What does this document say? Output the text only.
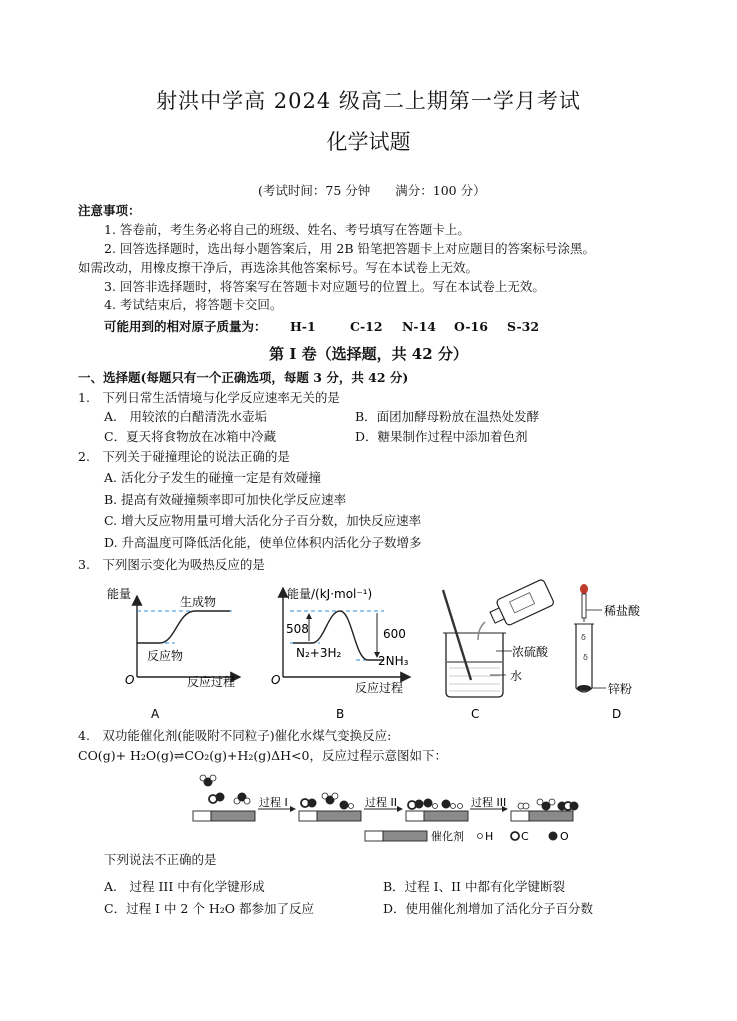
射洪中学高 2024 级高二上期第一学月考试
化学试题
(考试时间：75 分钟　　满分：100 分）
注意事项：
1. 答卷前，考生务必将自己的班级、姓名、考号填写在答题卡上。
2. 回答选择题时，选出每小题答案后，用 2B 铅笔把答题卡上对应题目的答案标号涂黑。
如需改动，用橡皮擦干净后，再选涂其他答案标号。写在本试卷上无效。
3. 回答非选择题时，将答案写在答题卡对应题号的位置上。写在本试卷上无效。
4. 考试结束后，将答题卡交回。
可能用到的相对原子质量为： H-1	C-12 N-14 O-16 S-32
第 I 卷（选择题，共 42 分）
一、选择题(每题只有一个正确选项，每题 3 分，共 42 分)
1.　下列日常生活情境与化学反应速率无关的是
A.　用较浓的白醋清洗水壶垢	B．面团加酵母粉放在温热处发酵
C．夏天将食物放在冰箱中冷藏	D．糖果制作过程中添加着色剂
2.　下列关于碰撞理论的说法正确的是
A. 活化分子发生的碰撞一定是有效碰撞
B. 提高有效碰撞频率即可加快化学反应速率
C. 增大反应物用量可增大活化分子百分数，加快反应速率
D. 升高温度可降低活化能，使单位体积内活化分子数增多
3.　下列图示变化为吸热反应的是
能量
生成物
反应物
O	反应过程
A
能量/(kJ·mol⁻¹)
508	600
N₂+3H₂
2NH₃
O
反应过程
B
浓硫酸
水
C
δ
δ
稀盐酸
锌粉
D
过程 I	过程 II	过程 III
催化剂 H	C	O
4.　双功能催化剂(能吸附不同粒子)催化水煤气变换反应:
CO(g)+ H₂O(g)⇌CO₂(g)+H₂(g)ΔH<0，反应过程示意图如下：
下列说法不正确的是
A.　过程 III 中有化学键形成	B．过程 I、II 中都有化学键断裂
C．过程 I 中 2 个 H₂O 都参加了反应	D．使用催化剂增加了活化分子百分数
